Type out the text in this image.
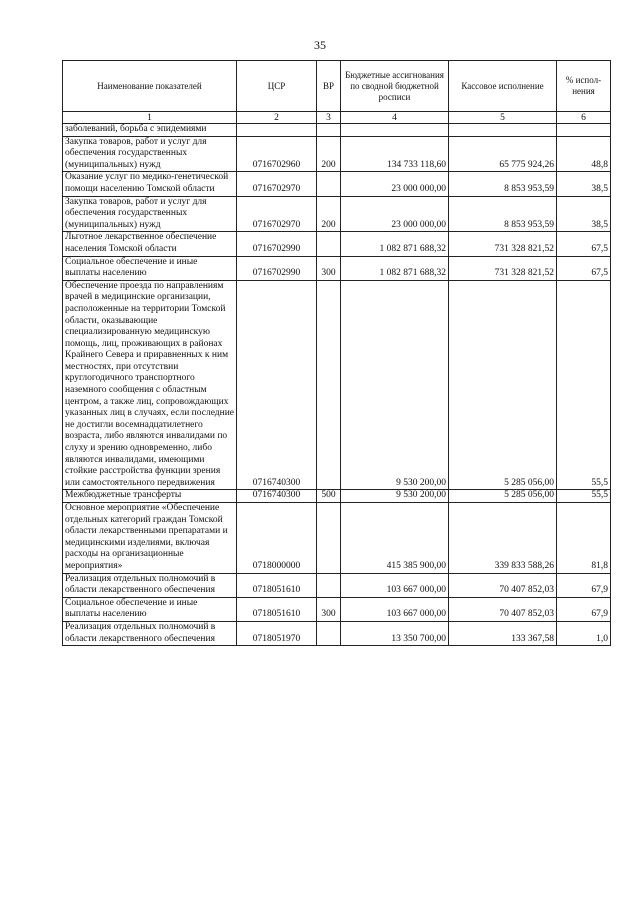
35
Наименование показателей	ЦСР	ВР	Бюджетные ассигнования по сводной бюджетной росписи	Кассовое исполнение	% испол-нения
1	2	3	4	5	6
заболеваний, борьба с эпидемиями					
Закупка товаров, работ и услуг для обеспечения государственных (муниципальных) нужд	0716702960	200	134 733 118,60	65 775 924,26	48,8
Оказание услуг по медико-генетической помощи населению Томской области	0716702970		23 000 000,00	8 853 953,59	38,5
Закупка товаров, работ и услуг для обеспечения государственных (муниципальных) нужд	0716702970	200	23 000 000,00	8 853 953,59	38,5
Льготное лекарственное обеспечение населения Томской области	0716702990		1 082 871 688,32	731 328 821,52	67,5
Социальное обеспечение и иные выплаты населению	0716702990	300	1 082 871 688,32	731 328 821,52	67,5
Обеспечение проезда по направлениям врачей в медицинские организации, расположенные на территории Томской области, оказывающие специализированную медицинскую помощь, лиц, проживающих в районах Крайнего Севера и приравненных к ним местностях, при отсутствии круглогодичного транспортного наземного сообщения с областным центром, а также лиц, сопровождающих указанных лиц в случаях, если последние не достигли восемнадцатилетнего возраста, либо являются инвалидами по слуху и зрению одновременно, либо являются инвалидами, имеющими стойкие расстройства функции зрения или самостоятельного передвижения	0716740300		9 530 200,00	5 285 056,00	55,5
Межбюджетные трансферты	0716740300	500	9 530 200,00	5 285 056,00	55,5
Основное мероприятие «Обеспечение отдельных категорий граждан Томской области лекарственными препаратами и медицинскими изделиями, включая расходы на организационные мероприятия»	0718000000		415 385 900,00	339 833 588,26	81,8
Реализация отдельных полномочий в области лекарственного обеспечения	0718051610		103 667 000,00	70 407 852,03	67,9
Социальное обеспечение и иные выплаты населению	0718051610	300	103 667 000,00	70 407 852,03	67,9
Реализация отдельных полномочий в области лекарственного обеспечения	0718051970		13 350 700,00	133 367,58	1,0
